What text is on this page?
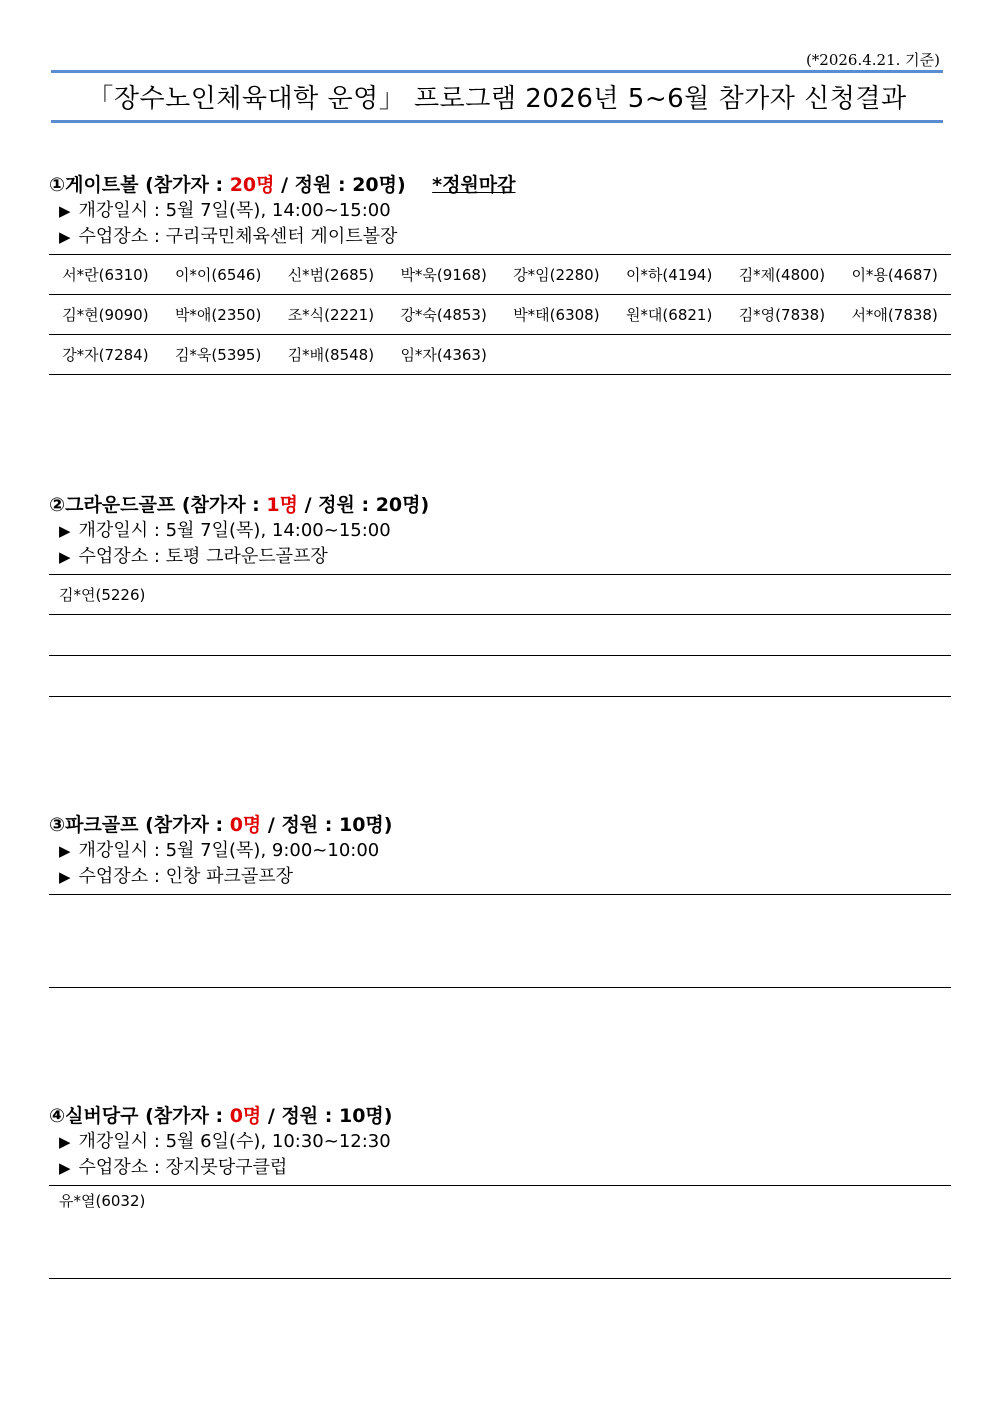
(*2026.4.21. 기준)
「장수노인체육대학 운영」 프로그램 2026년 5~6월 참가자 신청결과
①게이트볼 (참가자 : 20명 / 정원 : 20명) *정원마감
▶ 개강일시 : 5월 7일(목), 14:00~15:00
▶ 수업장소 : 구리국민체육센터 게이트볼장
서*란(6310)	이*이(6546)	신*범(2685)	박*욱(9168)	강*임(2280)	이*하(4194)	김*제(4800)	이*용(4687)
김*현(9090)	박*애(2350)	조*식(2221)	강*숙(4853)	박*태(6308)	원*대(6821)	김*영(7838)	서*애(7838)
강*자(7284)	김*욱(5395)	김*배(8548)	임*자(4363)
②그라운드골프 (참가자 : 1명 / 정원 : 20명)
▶ 개강일시 : 5월 7일(목), 14:00~15:00
▶ 수업장소 : 토평 그라운드골프장
김*연(5226)
③파크골프 (참가자 : 0명 / 정원 : 10명)
▶ 개강일시 : 5월 7일(목), 9:00~10:00
▶ 수업장소 : 인창 파크골프장
④실버당구 (참가자 : 0명 / 정원 : 10명)
▶ 개강일시 : 5월 6일(수), 10:30~12:30
▶ 수업장소 : 장지못당구클럽
유*열(6032)
